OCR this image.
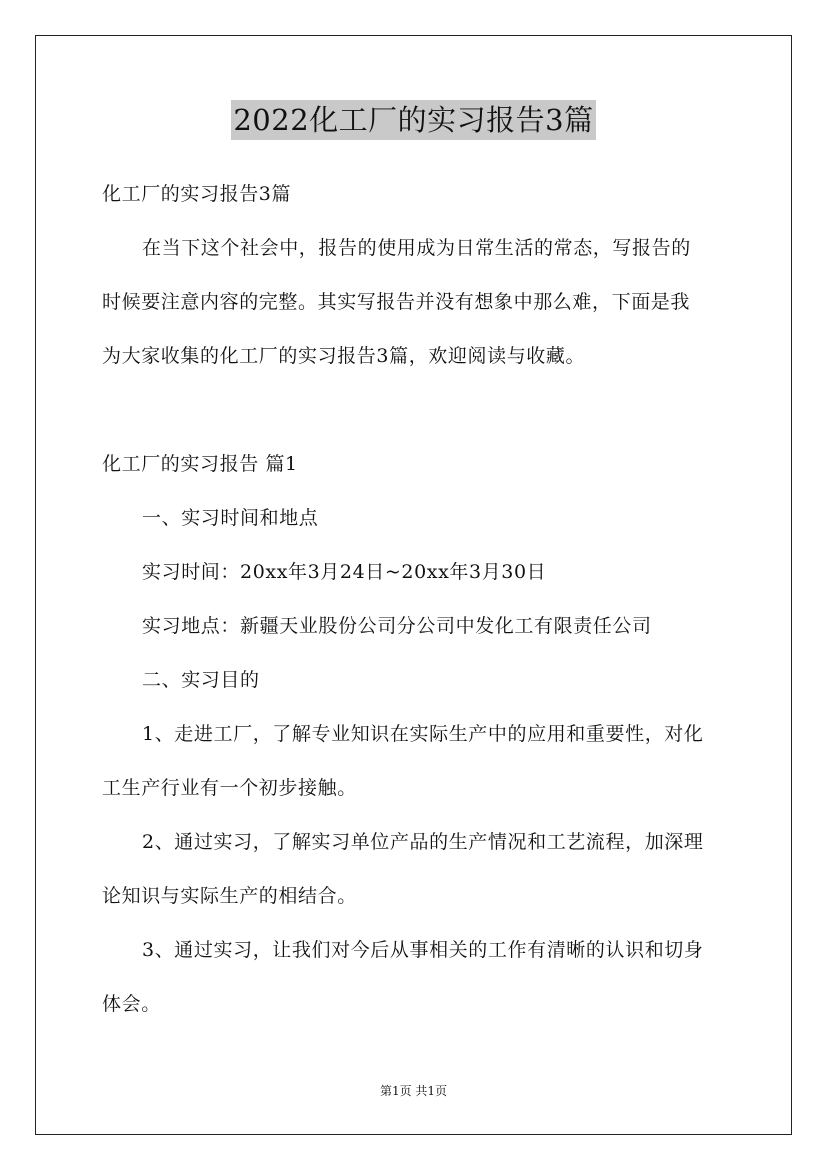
2022化工厂的实习报告3篇
化工厂的实习报告3篇
在当下这个社会中，报告的使用成为日常生活的常态，写报告的
时候要注意内容的完整。其实写报告并没有想象中那么难，下面是我
为大家收集的化工厂的实习报告3篇，欢迎阅读与收藏。
化工厂的实习报告 篇1
一、实习时间和地点
实习时间：20xx年3月24日~20xx年3月30日
实习地点：新疆天业股份公司分公司中发化工有限责任公司
二、实习目的
1、走进工厂，了解专业知识在实际生产中的应用和重要性，对化
工生产行业有一个初步接触。
2、通过实习，了解实习单位产品的生产情况和工艺流程，加深理
论知识与实际生产的相结合。
3、通过实习，让我们对今后从事相关的工作有清晰的认识和切身
体会。
第1页 共1页
